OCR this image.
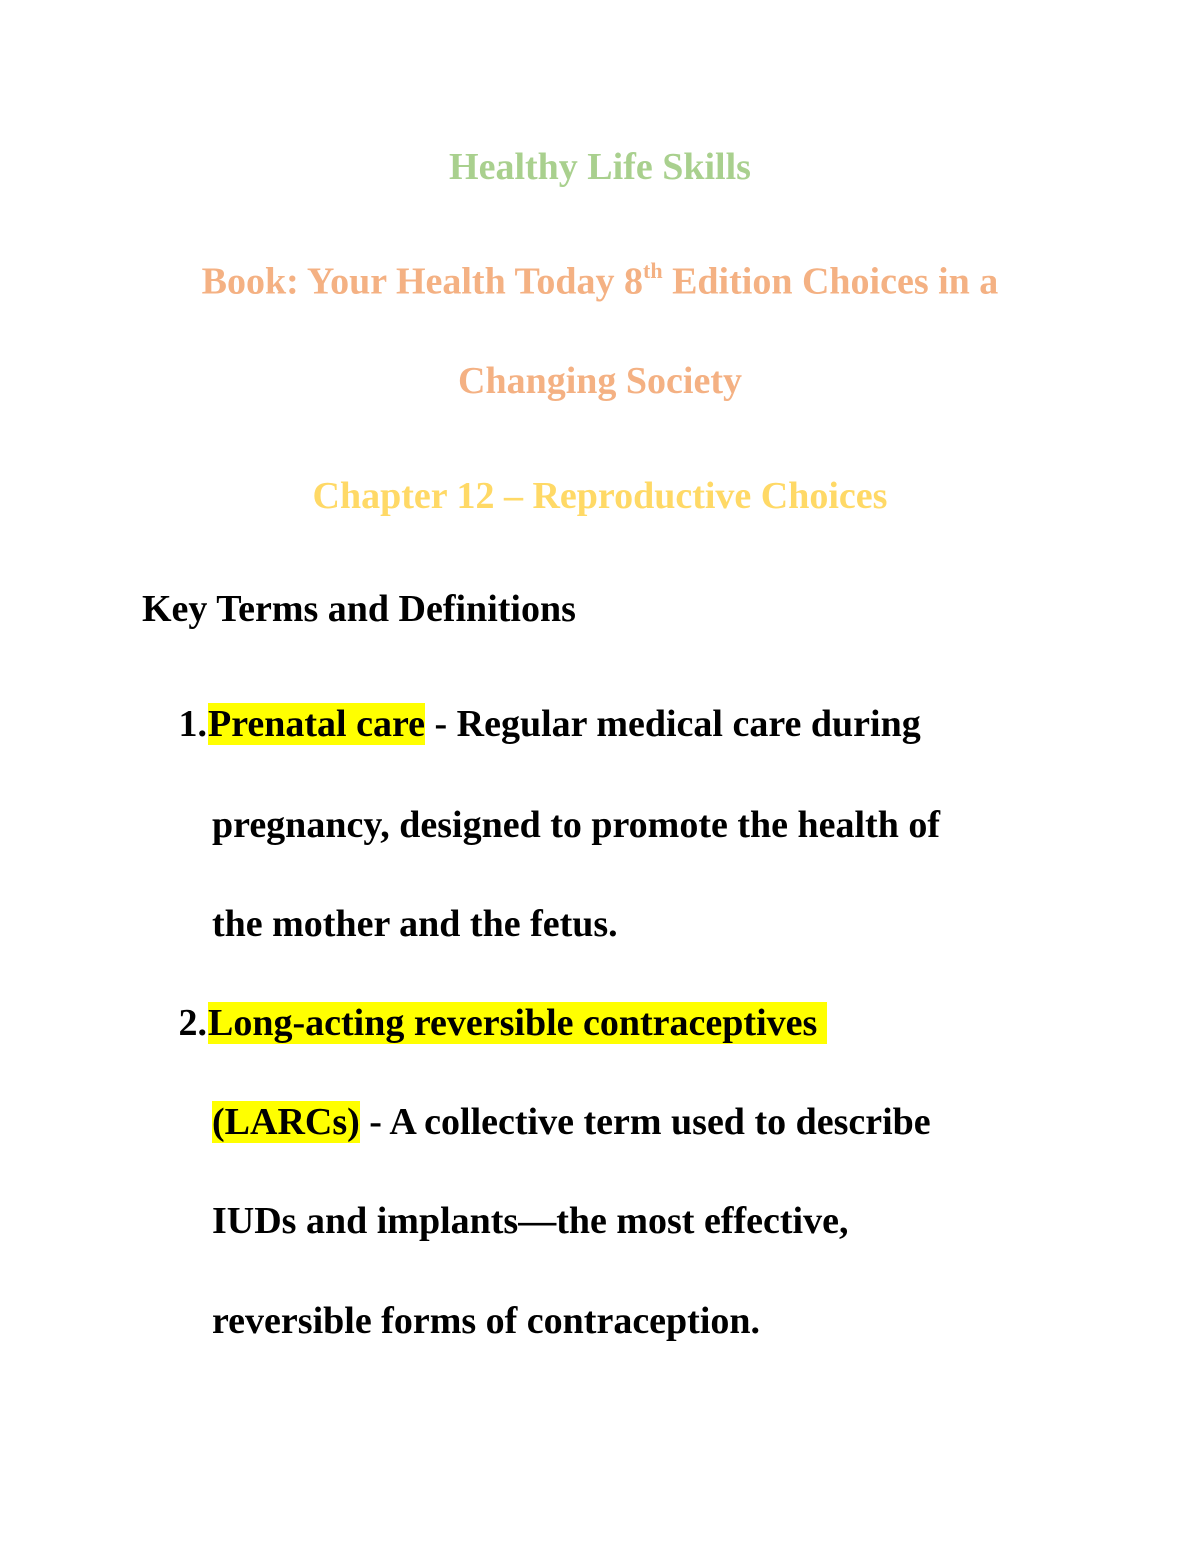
Healthy Life Skills
Book: Your Health Today 8th Edition Choices in a
Changing Society
Chapter 12 – Reproductive Choices
Key Terms and Definitions
1. Prenatal care - Regular medical care during
pregnancy, designed to promote the health of
the mother and the fetus.
2. Long-acting reversible contraceptives
(LARCs) - A collective term used to describe
IUDs and implants—the most effective,
reversible forms of contraception.
